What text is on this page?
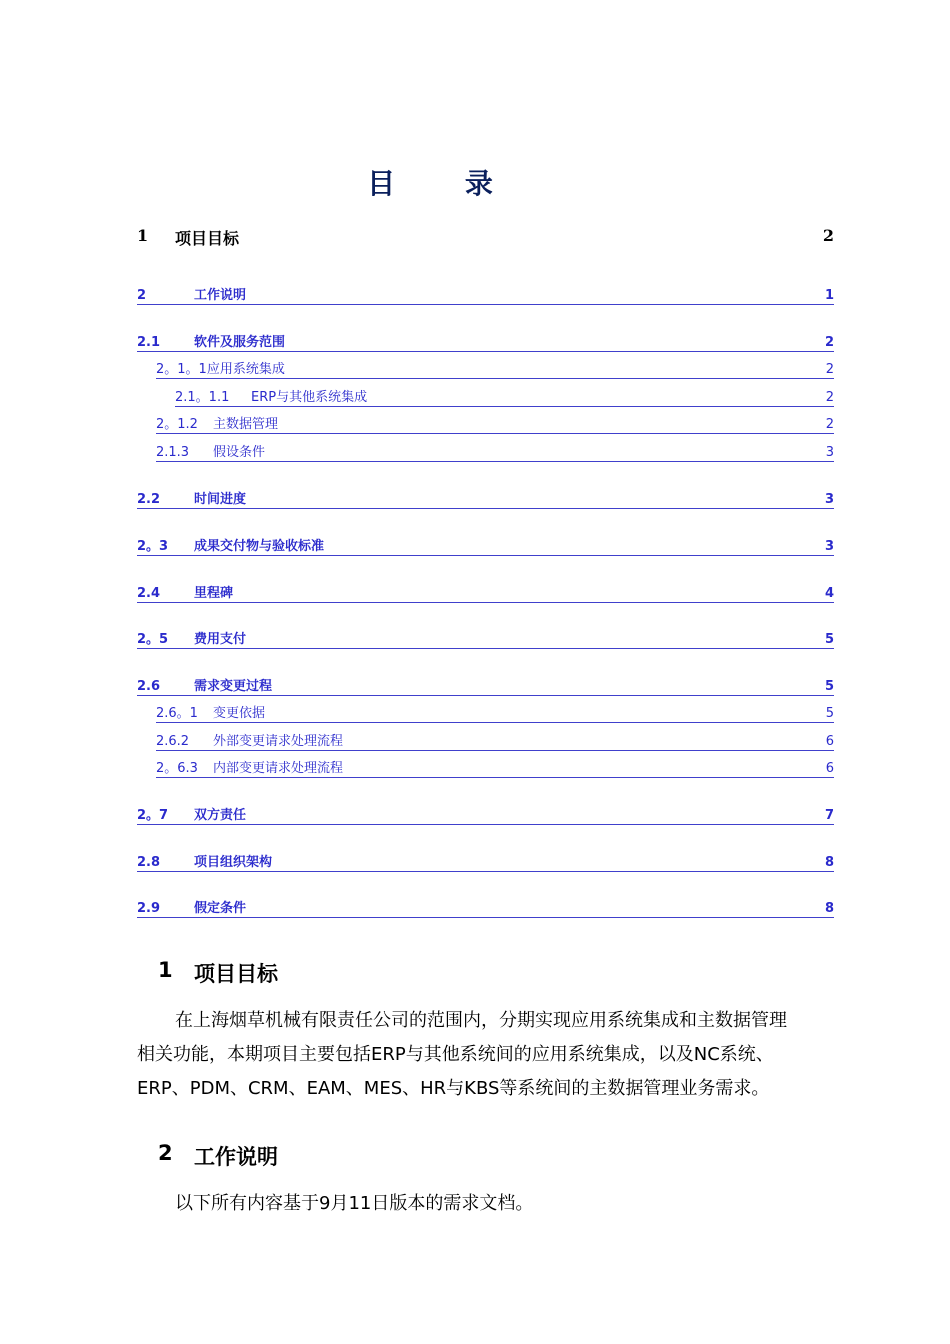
目 录
1	项目目标	2
2	工作说明	1
2.1	软件及服务范围	2
2。1。1 应用系统集成	2
2.1。1.1	ERP与其他系统集成	2
2。1.2	主数据管理	2
2.1.3	假设条件	3
2.2	时间进度	3
2。3	成果交付物与验收标准	3
2.4	里程碑	4
2。5	费用支付	5
2.6	需求变更过程	5
2.6。1	变更依据	5
2.6.2	外部变更请求处理流程	6
2。6.3	内部变更请求处理流程	6
2。7	双方责任	7
2.8	项目组织架构	8
2.9	假定条件	8
1	项目目标
在上海烟草机械有限责任公司的范围内，分期实现应用系统集成和主数据管理
相关功能，本期项目主要包括ERP与其他系统间的应用系统集成，以及NC系统、
ERP、PDM、CRM、EAM、MES、HR与KBS等系统间的主数据管理业务需求。
2	工作说明
以下所有内容基于9月11日版本的需求文档。
